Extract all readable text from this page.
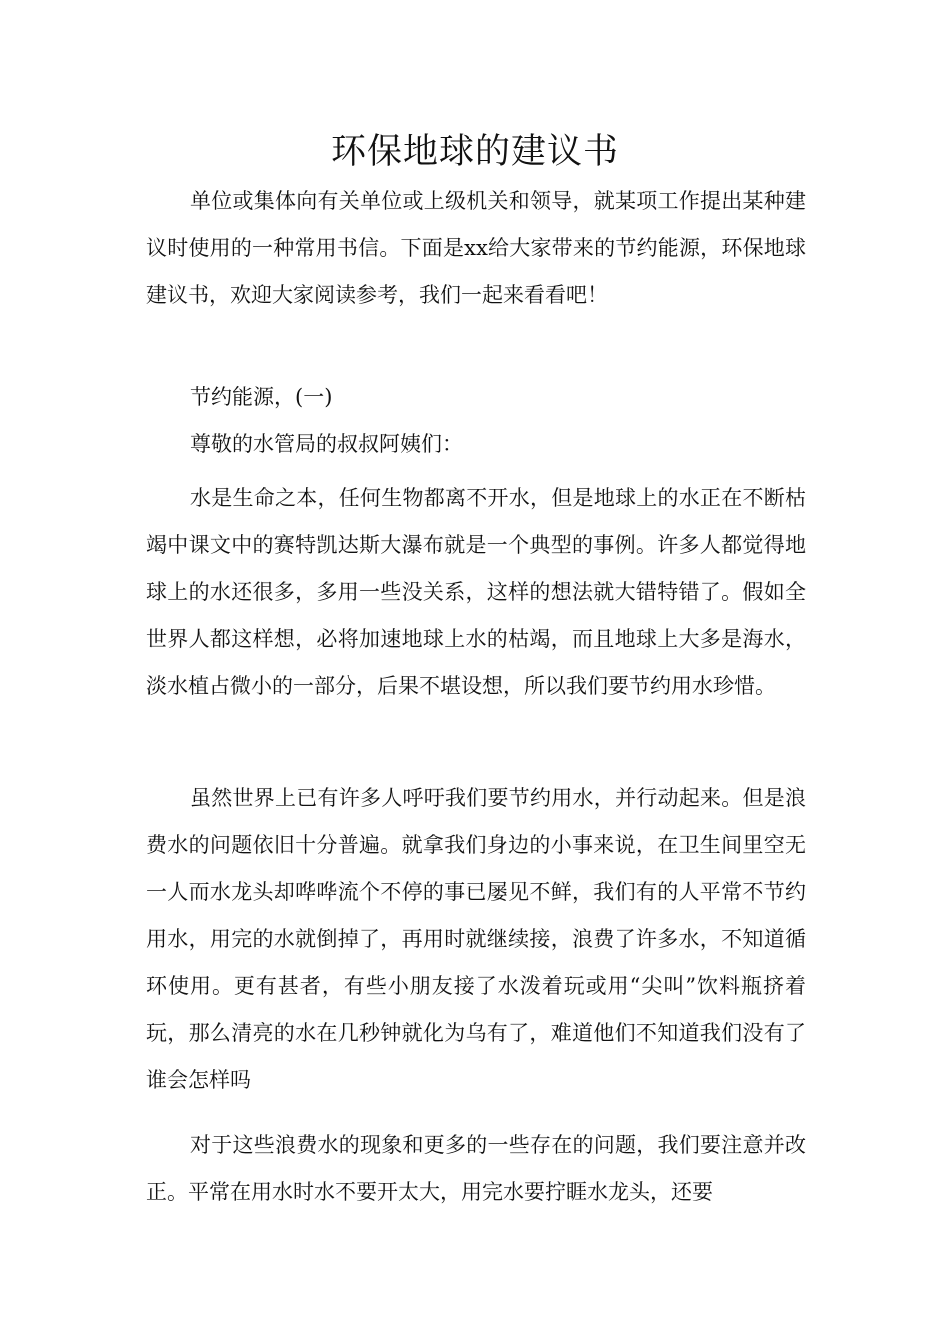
环保地球的建议书

单位或集体向有关单位或上级机关和领导，就某项工作提出某种建议时使用的一种常用书信。下面是xx给大家带来的节约能源，环保地球建议书，欢迎大家阅读参考，我们一起来看看吧！

节约能源，(一)

尊敬的水管局的叔叔阿姨们：

水是生命之本，任何生物都离不开水，但是地球上的水正在不断枯竭中课文中的赛特凯达斯大瀑布就是一个典型的事例。许多人都觉得地球上的水还很多，多用一些没关系，这样的想法就大错特错了。假如全世界人都这样想，必将加速地球上水的枯竭，而且地球上大多是海水，淡水植占微小的一部分，后果不堪设想，所以我们要节约用水珍惜。

虽然世界上已有许多人呼吁我们要节约用水，并行动起来。但是浪费水的问题依旧十分普遍。就拿我们身边的小事来说，在卫生间里空无一人而水龙头却哗哗流个不停的事已屡见不鲜，我们有的人平常不节约用水，用完的水就倒掉了，再用时就继续接，浪费了许多水，不知道循环使用。更有甚者，有些小朋友接了水泼着玩或用“尖叫”饮料瓶挤着玩，那么清亮的水在几秒钟就化为乌有了，难道他们不知道我们没有了谁会怎样吗

对于这些浪费水的现象和更多的一些存在的问题，我们要注意并改正。平常在用水时水不要开太大，用完水要拧睚水龙头，还要
